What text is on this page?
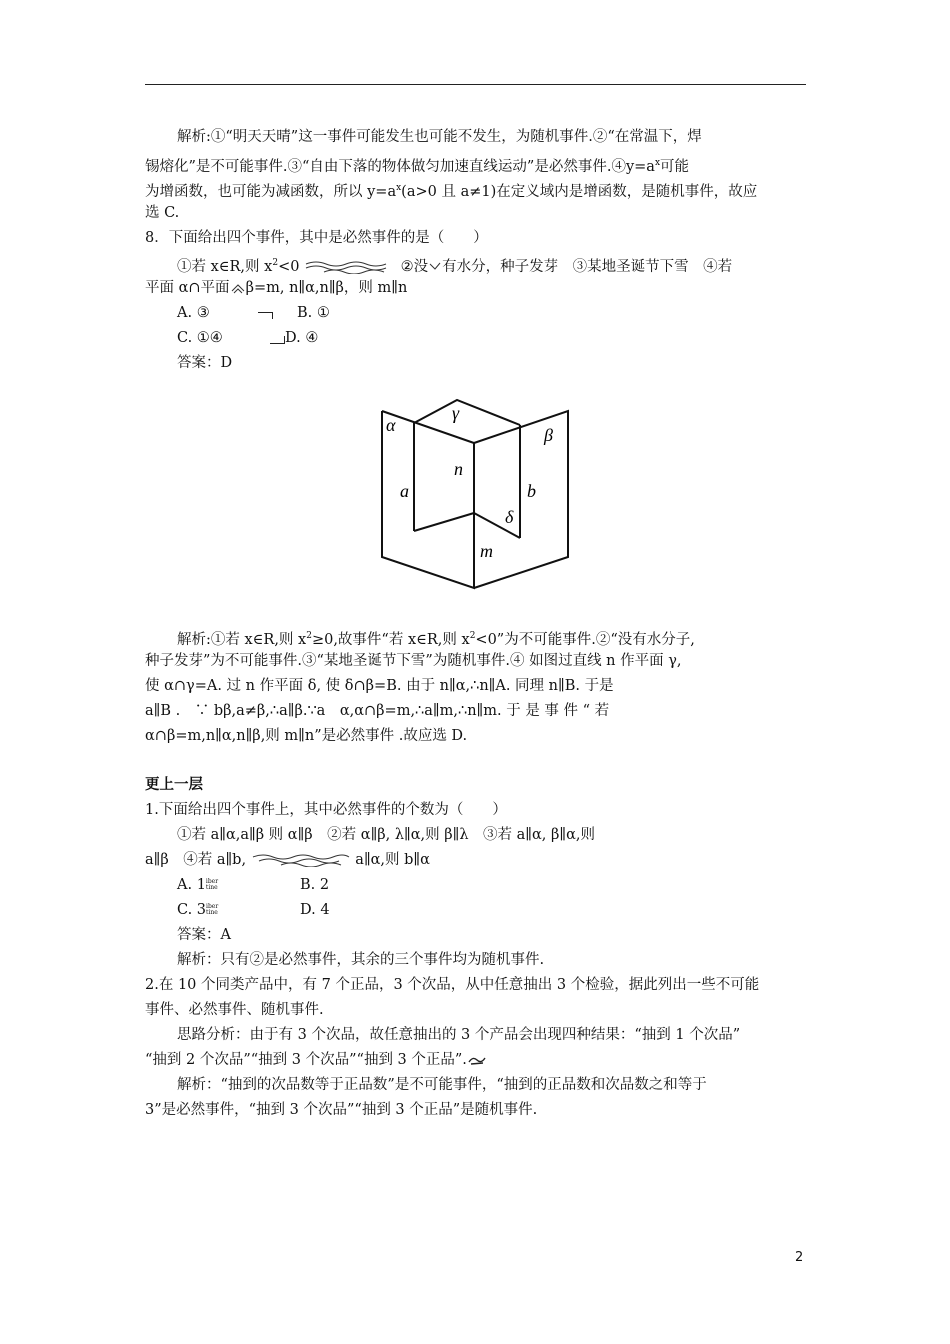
解析:①“明天天晴”这一事件可能发生也可能不发生，为随机事件.②“在常温下，焊
锡熔化”是不可能事件.③“自由下落的物体做匀加速直线运动”是必然事件$.④y=a^x$可能
为增函数，也可能为减函数，所以 $y=a^x(a>0$ 且 a≠1)在定义域内是增函数，是随机事件，故应
选 C.
8．下面给出四个事件，其中是必然事件的是（　　）
①若 x∈R,则 $x^2<0$	②没 有水分，种子发芽　③某地圣诞节下雪　④若
平面 α∩平面 β=m, n∥α,n∥β，则 m∥n
A. ③	B. ①
C. ①④	D. ④
答案：D
α
γ
β
n
a	b
δ
m
解析:①若 x∈R,则 $x^2\ge 0$,故事件“若 x∈R,则 $x^2<0$”为不可能事件.②“没有水分子,
种子发芽”为不可能事件.③“某地圣诞节下雪”为随机事件.④ 如图过直线 n 作平面 γ,
使 α∩γ=A. 过 n 作平面 δ, 使 δ∩β=B. 由于 n∥α,∴n∥A. 同理 n∥B. 于是
a∥B .　∵ bβ,a≠β,∴a∥β.∵a　α,α∩β=m,∴a∥m,∴n∥m. 于 是 事 件 “ 若
α∩β=m,n∥α,n∥β,则 m∥n”是必然事件 .故应选 D.
更上一层
1.下面给出四个事件上，其中必然事件的个数为（　　）
①若 a∥α,a∥β 则 α∥β　②若 α∥β, λ∥α,则 β∥λ　③若 a∥α, β∥α,则
a∥β　④若 a∥b,	a∥α,则 b∥α
A. 1iber
tine	B. 2
C. 3iber
tine	D. 4
答案：A
解析：只有②是必然事件，其余的三个事件均为随机事件.
2.在 10 个同类产品中，有 7 个正品，3 个次品，从中任意抽出 3 个检验，据此列出一些不可能
事件、必然事件、随机事件.
思路分析：由于有 3 个次品，故任意抽出的 3 个产品会出现四种结果：“抽到 1 个次品”
“抽到 2 个次品”“抽到 3 个次品”“抽到 3 个正品”.
解析：“抽到的次品数等于正品数”是不可能事件，“抽到的正品数和次品数之和等于
3”是必然事件，“抽到 3 个次品”“抽到 3 个正品”是随机事件.
2
